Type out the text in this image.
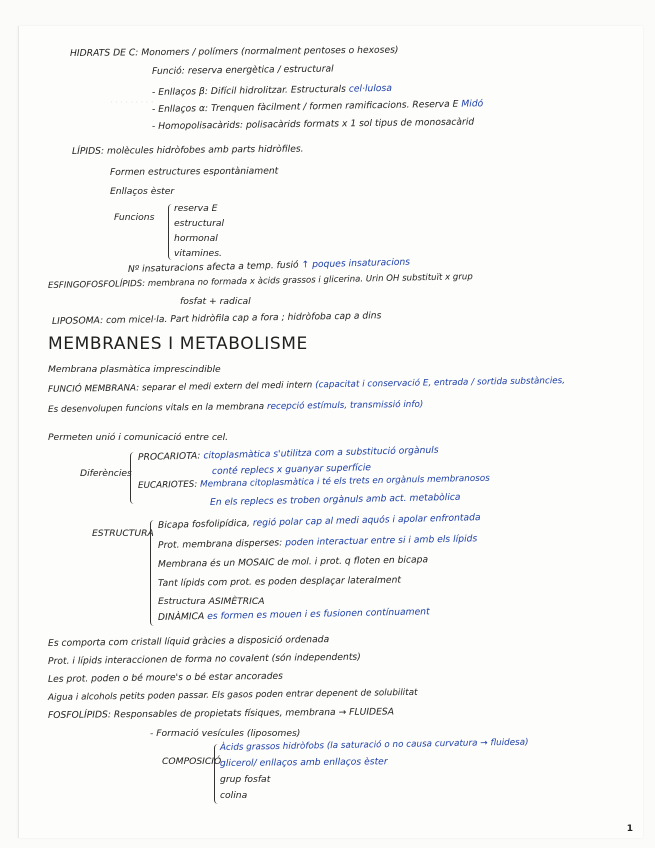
· · · · · · · · ·
HIDRATS DE C: Monomers / polímers (normalment pentoses o hexoses)
Funció: reserva energètica / estructural
- Enllaços β: Difícil hidrolitzar. Estructurals cel·lulosa
- Enllaços α: Trenquen fàcilment / formen ramificacions. Reserva E Midó
- Homopolisacàrids: polisacàrids formats x 1 sol tipus de monosacàrid
LÍPIDS: molècules hidròfobes amb parts hidròfiles.
Formen estructures espontàniament
Enllaços èster
Funcions
reserva E
estructural
hormonal
vitamines.
Nº insaturacions afecta a temp. fusió ↑ poques insaturacions
ESFINGOFOSFOLÍPIDS: membrana no formada x àcids grassos i glicerina. Urin OH substituït x grup
fosfat + radical
LIPOSOMA: com micel·la. Part hidròfila cap a fora ; hidròfoba cap a dins
MEMBRANES I METABOLISME
Membrana plasmàtica imprescindible
FUNCIÓ MEMBRANA: separar el medi extern del medi intern (capacitat i conservació E, entrada / sortida substàncies,
Es desenvolupen funcions vitals en la membrana recepció estímuls, transmissió info)
Permeten unió i comunicació entre cel.
Diferències
PROCARIOTA: citoplasmàtica s'utilitza com a substitució orgànuls
conté replecs x guanyar superfície
EUCARIOTES: Membrana citoplasmàtica i té els trets en orgànuls membranosos
En els replecs es troben orgànuls amb act. metabòlica
ESTRUCTURA
Bicapa fosfolipídica, regió polar cap al medi aquós i apolar enfrontada
Prot. membrana disperses: poden interactuar entre si i amb els lípids
Membrana és un MOSAIC de mol. i prot. q floten en bicapa
Tant lípids com prot. es poden desplaçar lateralment
Estructura ASIMÈTRICA
DINÀMICA es formen es mouen i es fusionen contínuament
Es comporta com cristall líquid gràcies a disposició ordenada
Prot. i lípids interaccionen de forma no covalent (són independents)
Les prot. poden o bé moure's o bé estar ancorades
Aigua i alcohols petits poden passar. Els gasos poden entrar depenent de solubilitat
FOSFOLÍPIDS: Responsables de propietats físiques, membrana → FLUIDESA
- Formació vesícules (liposomes)
COMPOSICIÓ
Àcids grassos hidròfobs (la saturació o no causa curvatura → fluidesa)
glicerol/ enllaços amb enllaços èster
grup fosfat
colina
1
